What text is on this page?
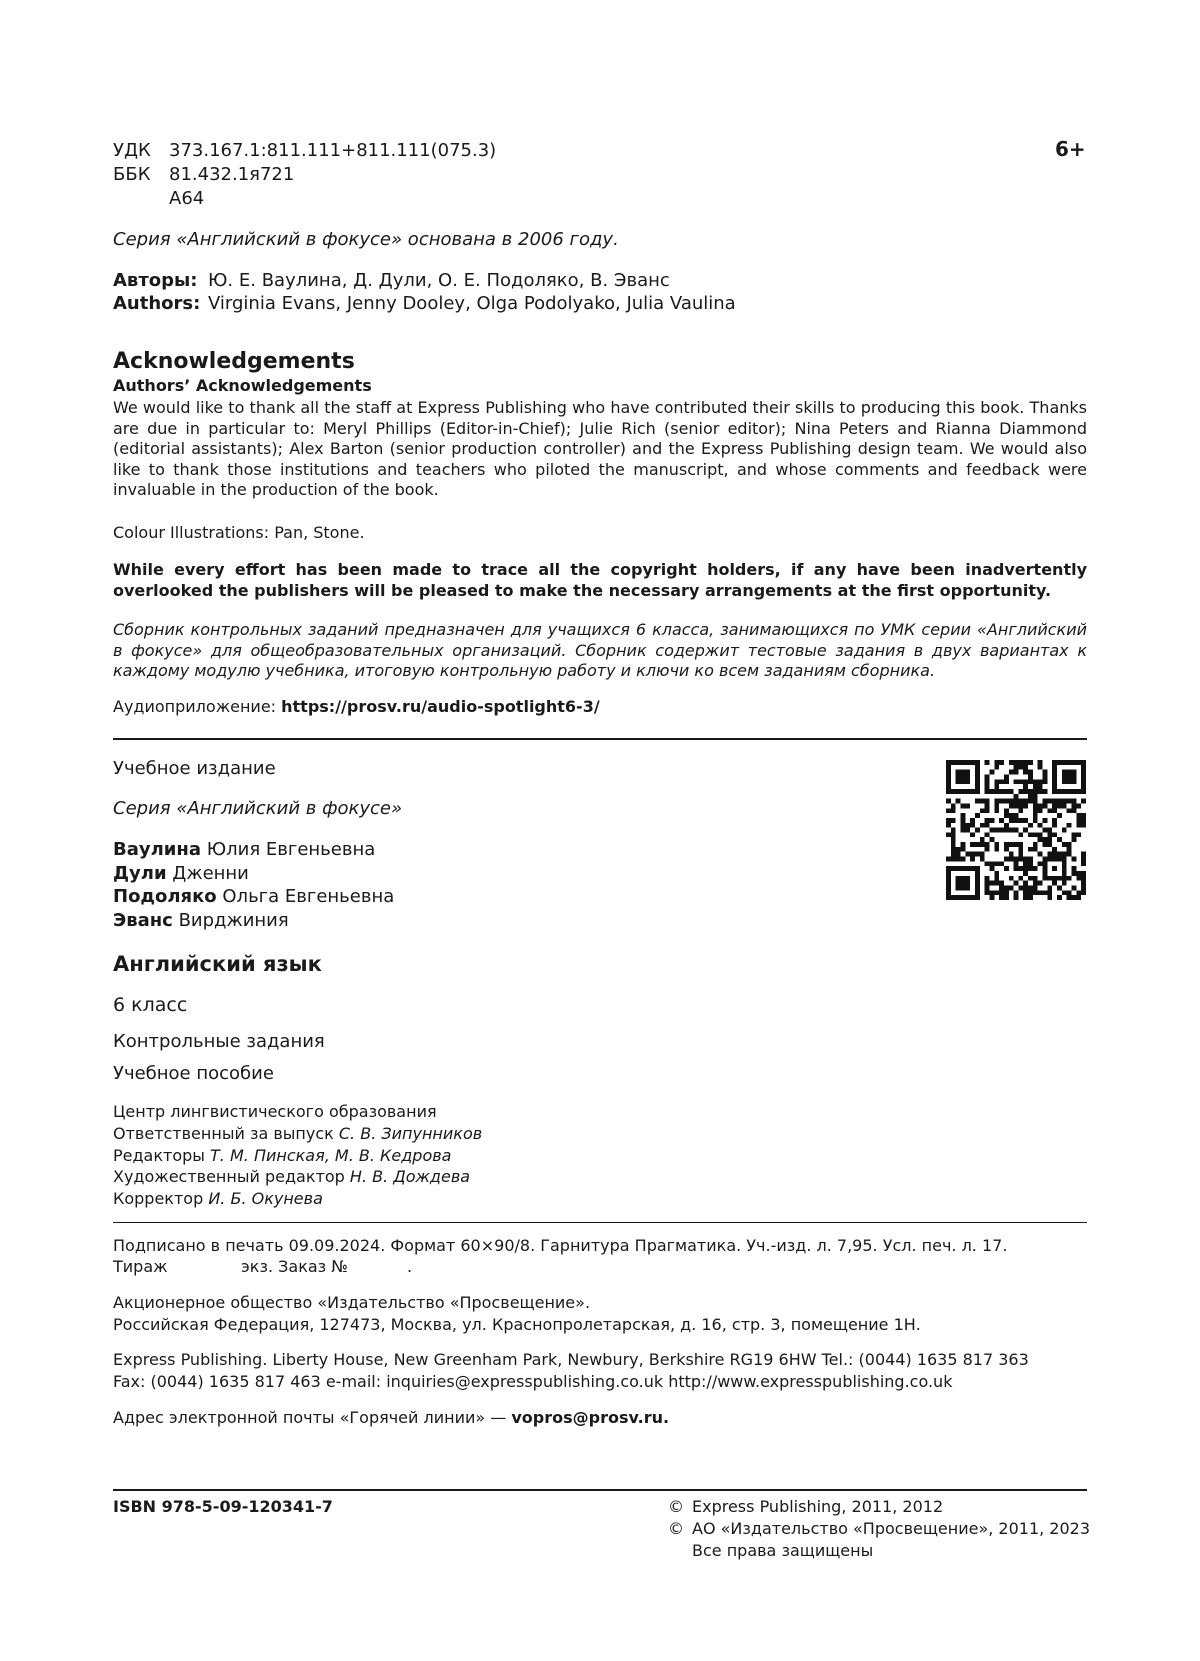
УДК 373.167.1:811.111+811.111(075.3)
ББК 81.432.1я721
А64
6+
Серия «Английский в фокусе» основана в 2006 году.
Авторы: Ю. Е. Ваулина, Д. Дули, О. Е. Подоляко, В. Эванс
Authors: Virginia Evans, Jenny Dooley, Olga Podolyako, Julia Vaulina
Acknowledgements
Authors’ Acknowledgements
We would like to thank all the staff at Express Publishing who have contributed their skills to producing this book. Thanks are due in particular to: Meryl Phillips (Editor-in-Chief); Julie Rich (senior editor); Nina Peters and Rianna Diammond (editorial assistants); Alex Barton (senior production controller) and the Express Publishing design team. We would also like to thank those institutions and teachers who piloted the manuscript, and whose comments and feedback were invaluable in the production of the book.
Colour Illustrations: Pan, Stone.
While every effort has been made to trace all the copyright holders, if any have been inadvertently overlooked the publishers will be pleased to make the necessary arrangements at the first opportunity.
Сборник контрольных заданий предназначен для учащихся 6 класса, занимающихся по УМК серии «Английский в фокусе» для общеобразовательных организаций. Сборник содержит тестовые задания в двух вариантах к каждому модулю учебника, итоговую контрольную работу и ключи ко всем заданиям сборника.
Аудиоприложение: https://prosv.ru/audio-spotlight6-3/
Учебное издание
Серия «Английский в фокусе»
Ваулина Юлия Евгеньевна
Дули Дженни
Подоляко Ольга Евгеньевна
Эванс Вирджиния
Английский язык
6 класс
Контрольные задания
Учебное пособие
Центр лингвистического образования
Ответственный за выпуск С. В. Зипунников
Редакторы Т. М. Пинская, М. В. Кедрова
Художественный редактор Н. В. Дождева
Корректор И. Б. Окунева
Подписано в печать 09.09.2024. Формат 60×90/8. Гарнитура Прагматика. Уч.-изд. л. 7,95. Усл. печ. л. 17.
Тираж	экз. Заказ №	.
Акционерное общество «Издательство «Просвещение».
Российская Федерация, 127473, Москва, ул. Краснопролетарская, д. 16, стр. 3, помещение 1Н.
Express Publishing. Liberty House, New Greenham Park, Newbury, Berkshire RG19 6HW Tel.: (0044) 1635 817 363
Fax: (0044) 1635 817 463 e-mail: inquiries@expresspublishing.co.uk http://www.expresspublishing.co.uk
Адрес электронной почты «Горячей линии» — vopros@prosv.ru.
ISBN 978-5-09-120341-7	© Express Publishing, 2011, 2012
© АО «Издательство «Просвещение», 2011, 2023
Все права защищены
